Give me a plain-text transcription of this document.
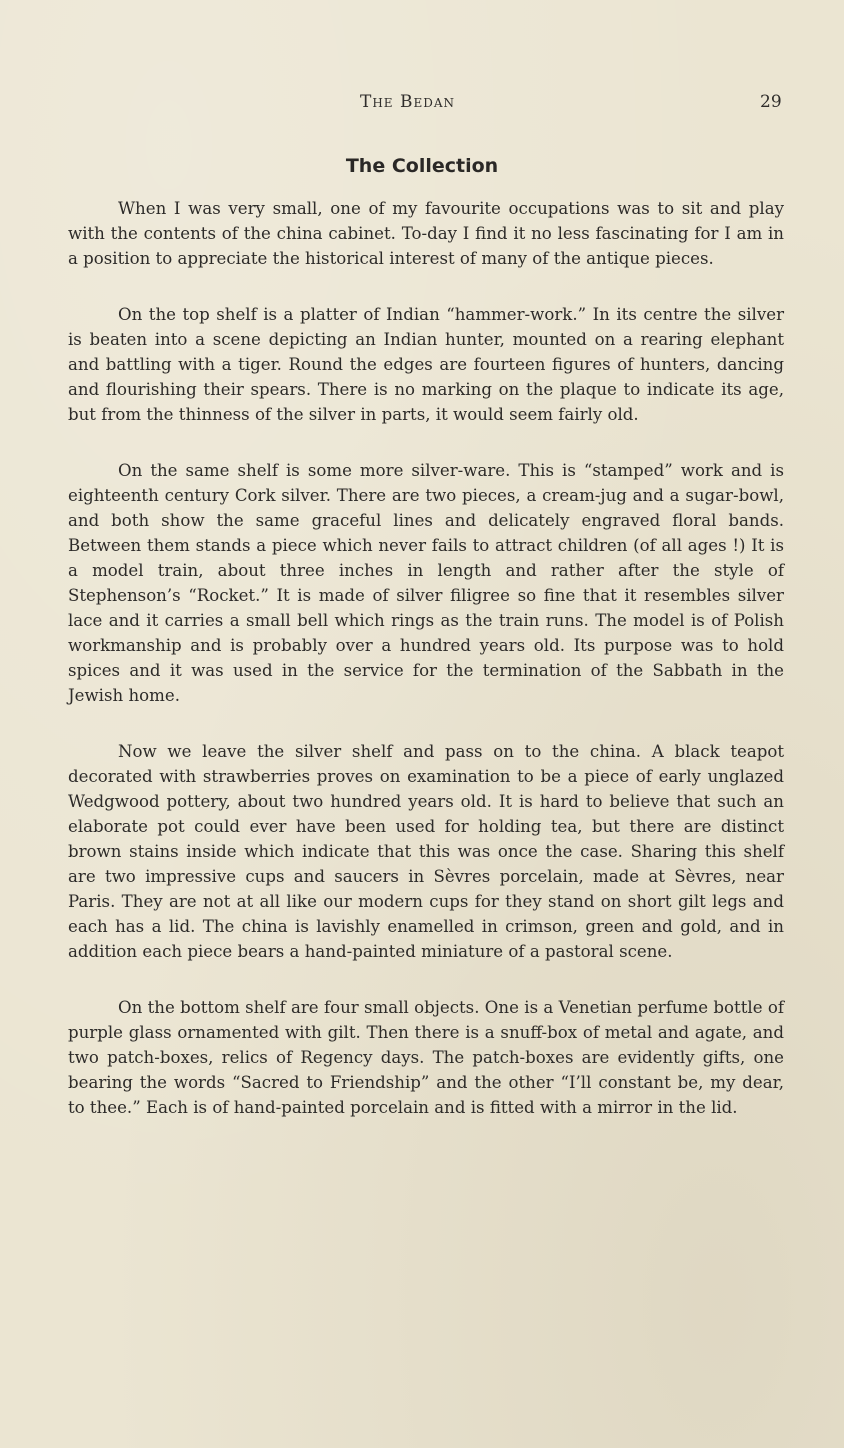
The Bedan	29
The Collection

When I was very small, one of my favourite occupations was to sit and play with the contents of the china cabinet. To-day I find it no less fascinating for I am in a position to appreciate the historical interest of many of the antique pieces.

On the top shelf is a platter of Indian “hammer-work.” In its centre the silver is beaten into a scene depicting an Indian hunter, mounted on a rearing elephant and battling with a tiger. Round the edges are fourteen figures of hunters, dancing and flourishing their spears. There is no marking on the plaque to indicate its age, but from the thinness of the silver in parts, it would seem fairly old.

On the same shelf is some more silver-ware. This is “stamped” work and is eighteenth century Cork silver. There are two pieces, a cream-jug and a sugar-bowl, and both show the same graceful lines and delicately engraved floral bands. Between them stands a piece which never fails to attract children (of all ages !) It is a model train, about three inches in length and rather after the style of Stephenson’s “Rocket.” It is made of silver filigree so fine that it resembles silver lace and it carries a small bell which rings as the train runs. The model is of Polish workmanship and is probably over a hundred years old. Its purpose was to hold spices and it was used in the service for the termination of the Sabbath in the Jewish home.

Now we leave the silver shelf and pass on to the china. A black teapot decorated with strawberries proves on examination to be a piece of early unglazed Wedgwood pottery, about two hundred years old. It is hard to believe that such an elaborate pot could ever have been used for holding tea, but there are distinct brown stains inside which indicate that this was once the case. Sharing this shelf are two impressive cups and saucers in Sèvres porcelain, made at Sèvres, near Paris. They are not at all like our modern cups for they stand on short gilt legs and each has a lid. The china is lavishly enamelled in crimson, green and gold, and in addition each piece bears a hand-painted miniature of a pastoral scene.

On the bottom shelf are four small objects. One is a Venetian perfume bottle of purple glass ornamented with gilt. Then there is a snuff-box of metal and agate, and two patch-boxes, relics of Regency days. The patch-boxes are evidently gifts, one bearing the words “Sacred to Friendship” and the other “I’ll constant be, my dear, to thee.” Each is of hand-painted porcelain and is fitted with a mirror in the lid.
